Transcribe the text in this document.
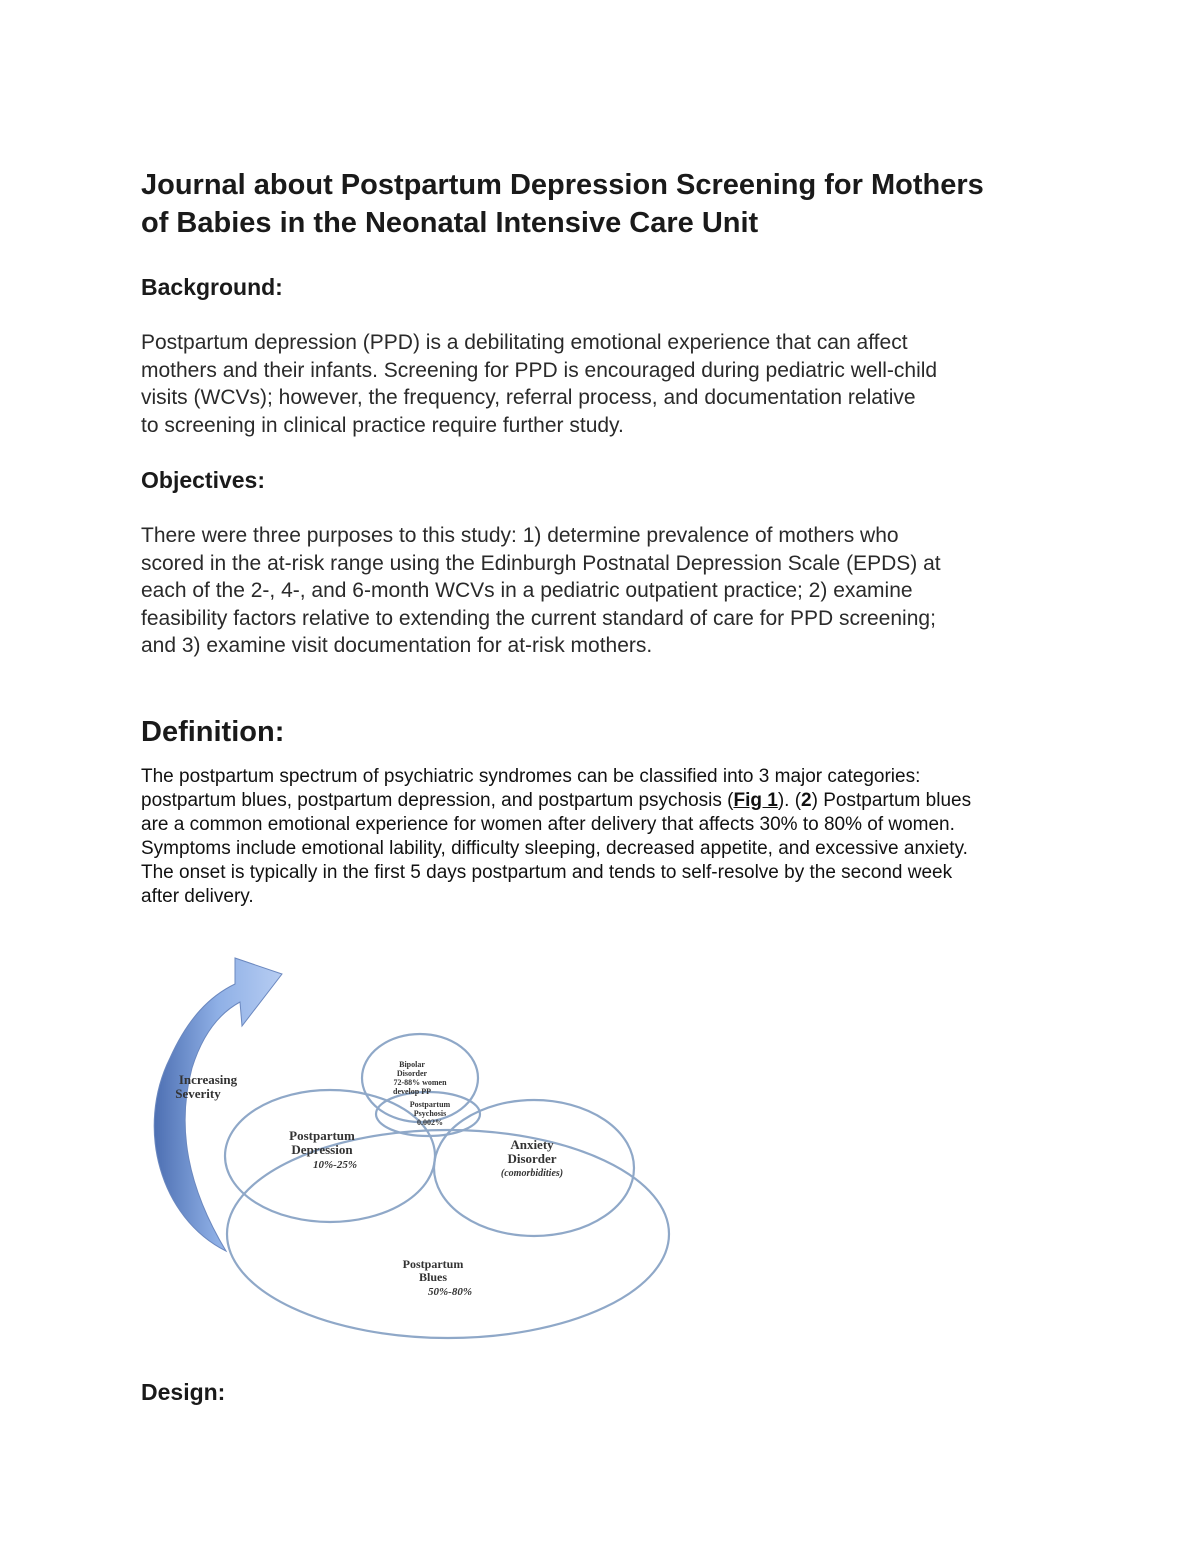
Journal about Postpartum Depression Screening for Mothers
of Babies in the Neonatal Intensive Care Unit
Background:

Postpartum depression (PPD) is a debilitating emotional experience that can affect
mothers and their infants. Screening for PPD is encouraged during pediatric well-child
visits (WCVs); however, the frequency, referral process, and documentation relative
to screening in clinical practice require further study.

Objectives:

There were three purposes to this study: 1) determine prevalence of mothers who
scored in the at-risk range using the Edinburgh Postnatal Depression Scale (EPDS) at
each of the 2-, 4-, and 6-month WCVs in a pediatric outpatient practice; 2) examine
feasibility factors relative to extending the current standard of care for PPD screening;
and 3) examine visit documentation for at-risk mothers.

Definition:

The postpartum spectrum of psychiatric syndromes can be classified into 3 major categories:
postpartum blues, postpartum depression, and postpartum psychosis (Fig 1). (2) Postpartum blues
are a common emotional experience for women after delivery that affects 30% to 80% of women.
Symptoms include emotional lability, difficulty sleeping, decreased appetite, and excessive anxiety.
The onset is typically in the first 5 days postpartum and tends to self-resolve by the second week
after delivery.

Increasing
Severity
Bipolar
Disorder
72-88% women
develop PP
Postpartum
Psychosis
0.002%
Postpartum
Depression
10%-25%
Anxiety
Disorder
(comorbidities)
Postpartum
Blues
50%-80%
Design:
